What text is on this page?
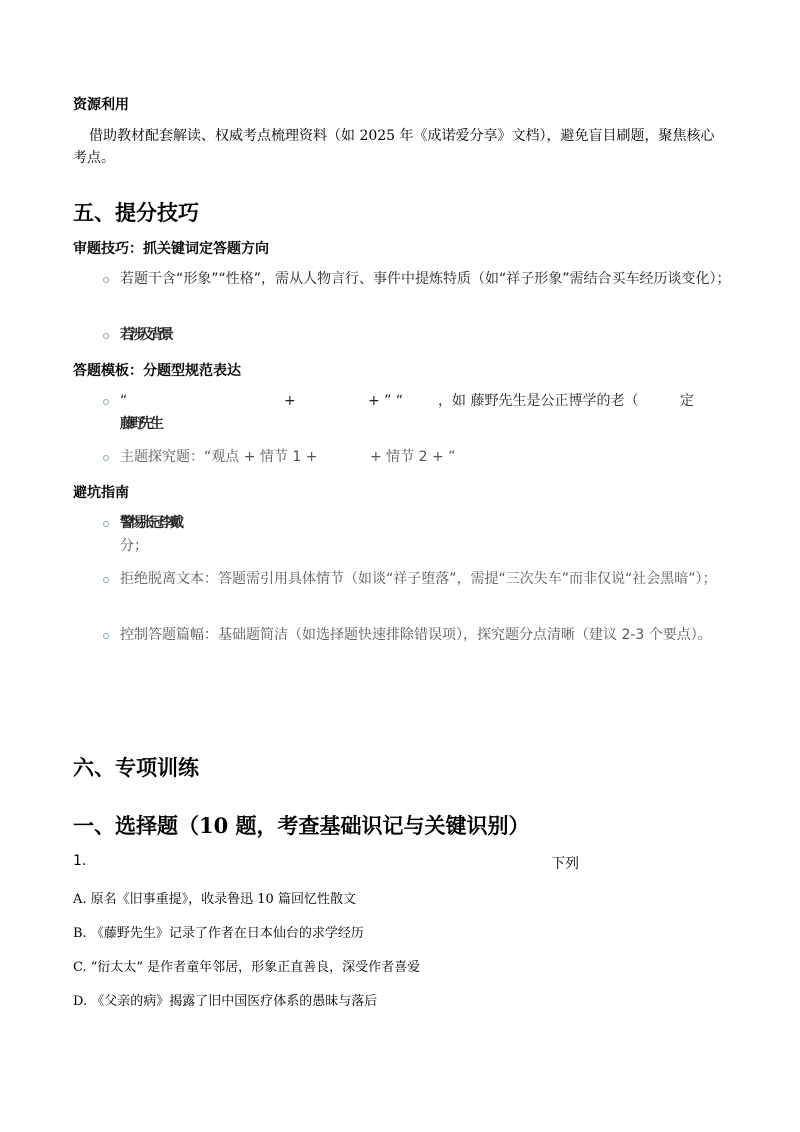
资源利用
借助教材配套解读、权威考点梳理资料（如 2025 年《成诺爱分享》文档），避免盲目刷题，聚焦核心考点。
五、提分技巧
审题技巧：抓关键词定答题方向
若题干含“形象”“性格”，需从人物言行、事件中提炼特质（如“祥子形象”需结合买车经历谈变化）；
若涉及背景
答题模板：分题型规范表达
“	+	+ ” “ ，如 藤野先生是公正博学的老（	定
藤野先生
主题探究题：“观点 + 情节 1 +	+ 情节 2 + ”
避坑指南
警惕张冠李戴
分；
拒绝脱离文本：答题需引用具体情节（如谈“祥子堕落”，需提“三次失车”而非仅说“社会黑暗”）；
控制答题篇幅：基础题简洁（如选择题快速排除错误项），探究题分点清晰（建议 2-3 个要点）。
六、专项训练
一、选择题（10 题，考查基础识记与关键识别）
1.	下列
A. 原名《旧事重提》，收录鲁迅 10 篇回忆性散文
B. 《藤野先生》记录了作者在日本仙台的求学经历
C. “衍太太” 是作者童年邻居，形象正直善良，深受作者喜爱
D. 《父亲的病》揭露了旧中国医疗体系的愚昧与落后
